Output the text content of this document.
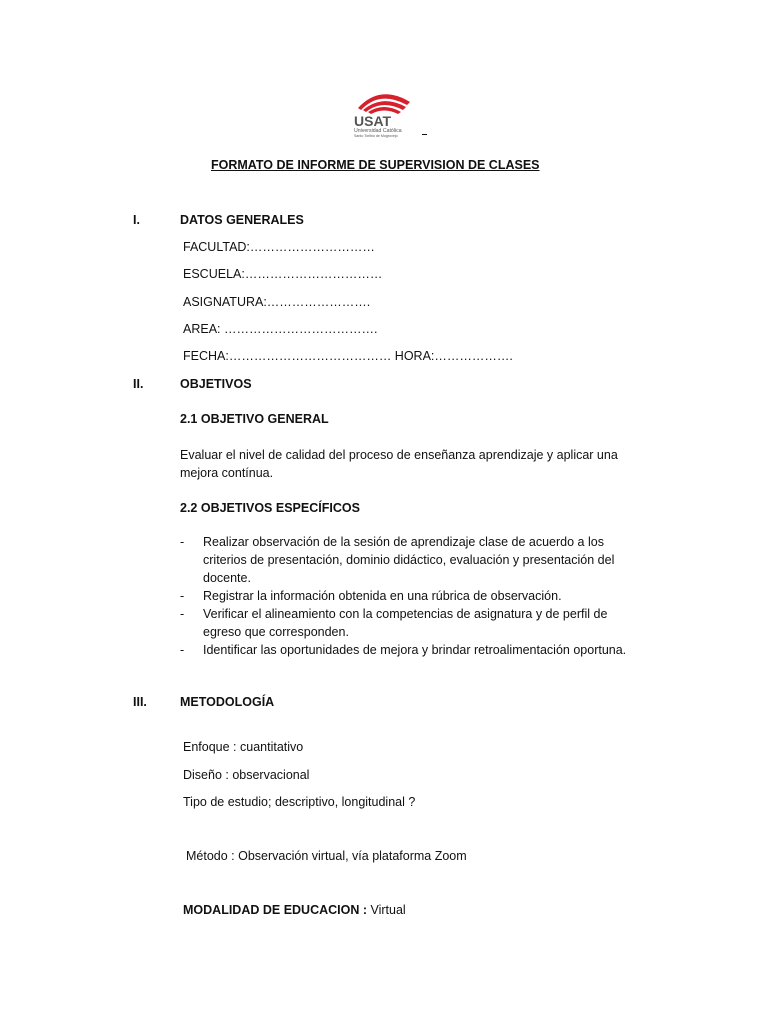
USAT
Universidad Católica
Santo Toribio de Mogrovejo
FORMATO DE INFORME DE SUPERVISION DE CLASES
I.	DATOS GENERALES
FACULTAD:…………………………
ESCUELA:……………………………
ASIGNATURA:…………………….
AREA: ……………………………….
FECHA:………………………………… HORA:……………….
II.	OBJETIVOS
2.1 OBJETIVO GENERAL
Evaluar el nivel de calidad del proceso de enseñanza aprendizaje y aplicar una
mejora contínua.
2.2 OBJETIVOS ESPECÍFICOS
- Realizar observación de la sesión de aprendizaje clase de acuerdo a los
criterios de presentación, dominio didáctico, evaluación y presentación del
docente.
- Registrar la información obtenida en una rúbrica de observación.
- Verificar el alineamiento con la competencias de asignatura y de perfil de
egreso que corresponden.
- Identificar las oportunidades de mejora y brindar retroalimentación oportuna.
III.	METODOLOGÍA
Enfoque : cuantitativo
Diseño : observacional
Tipo de estudio; descriptivo, longitudinal ?
Método : Observación virtual, vía plataforma Zoom
MODALIDAD DE EDUCACION : Virtual
